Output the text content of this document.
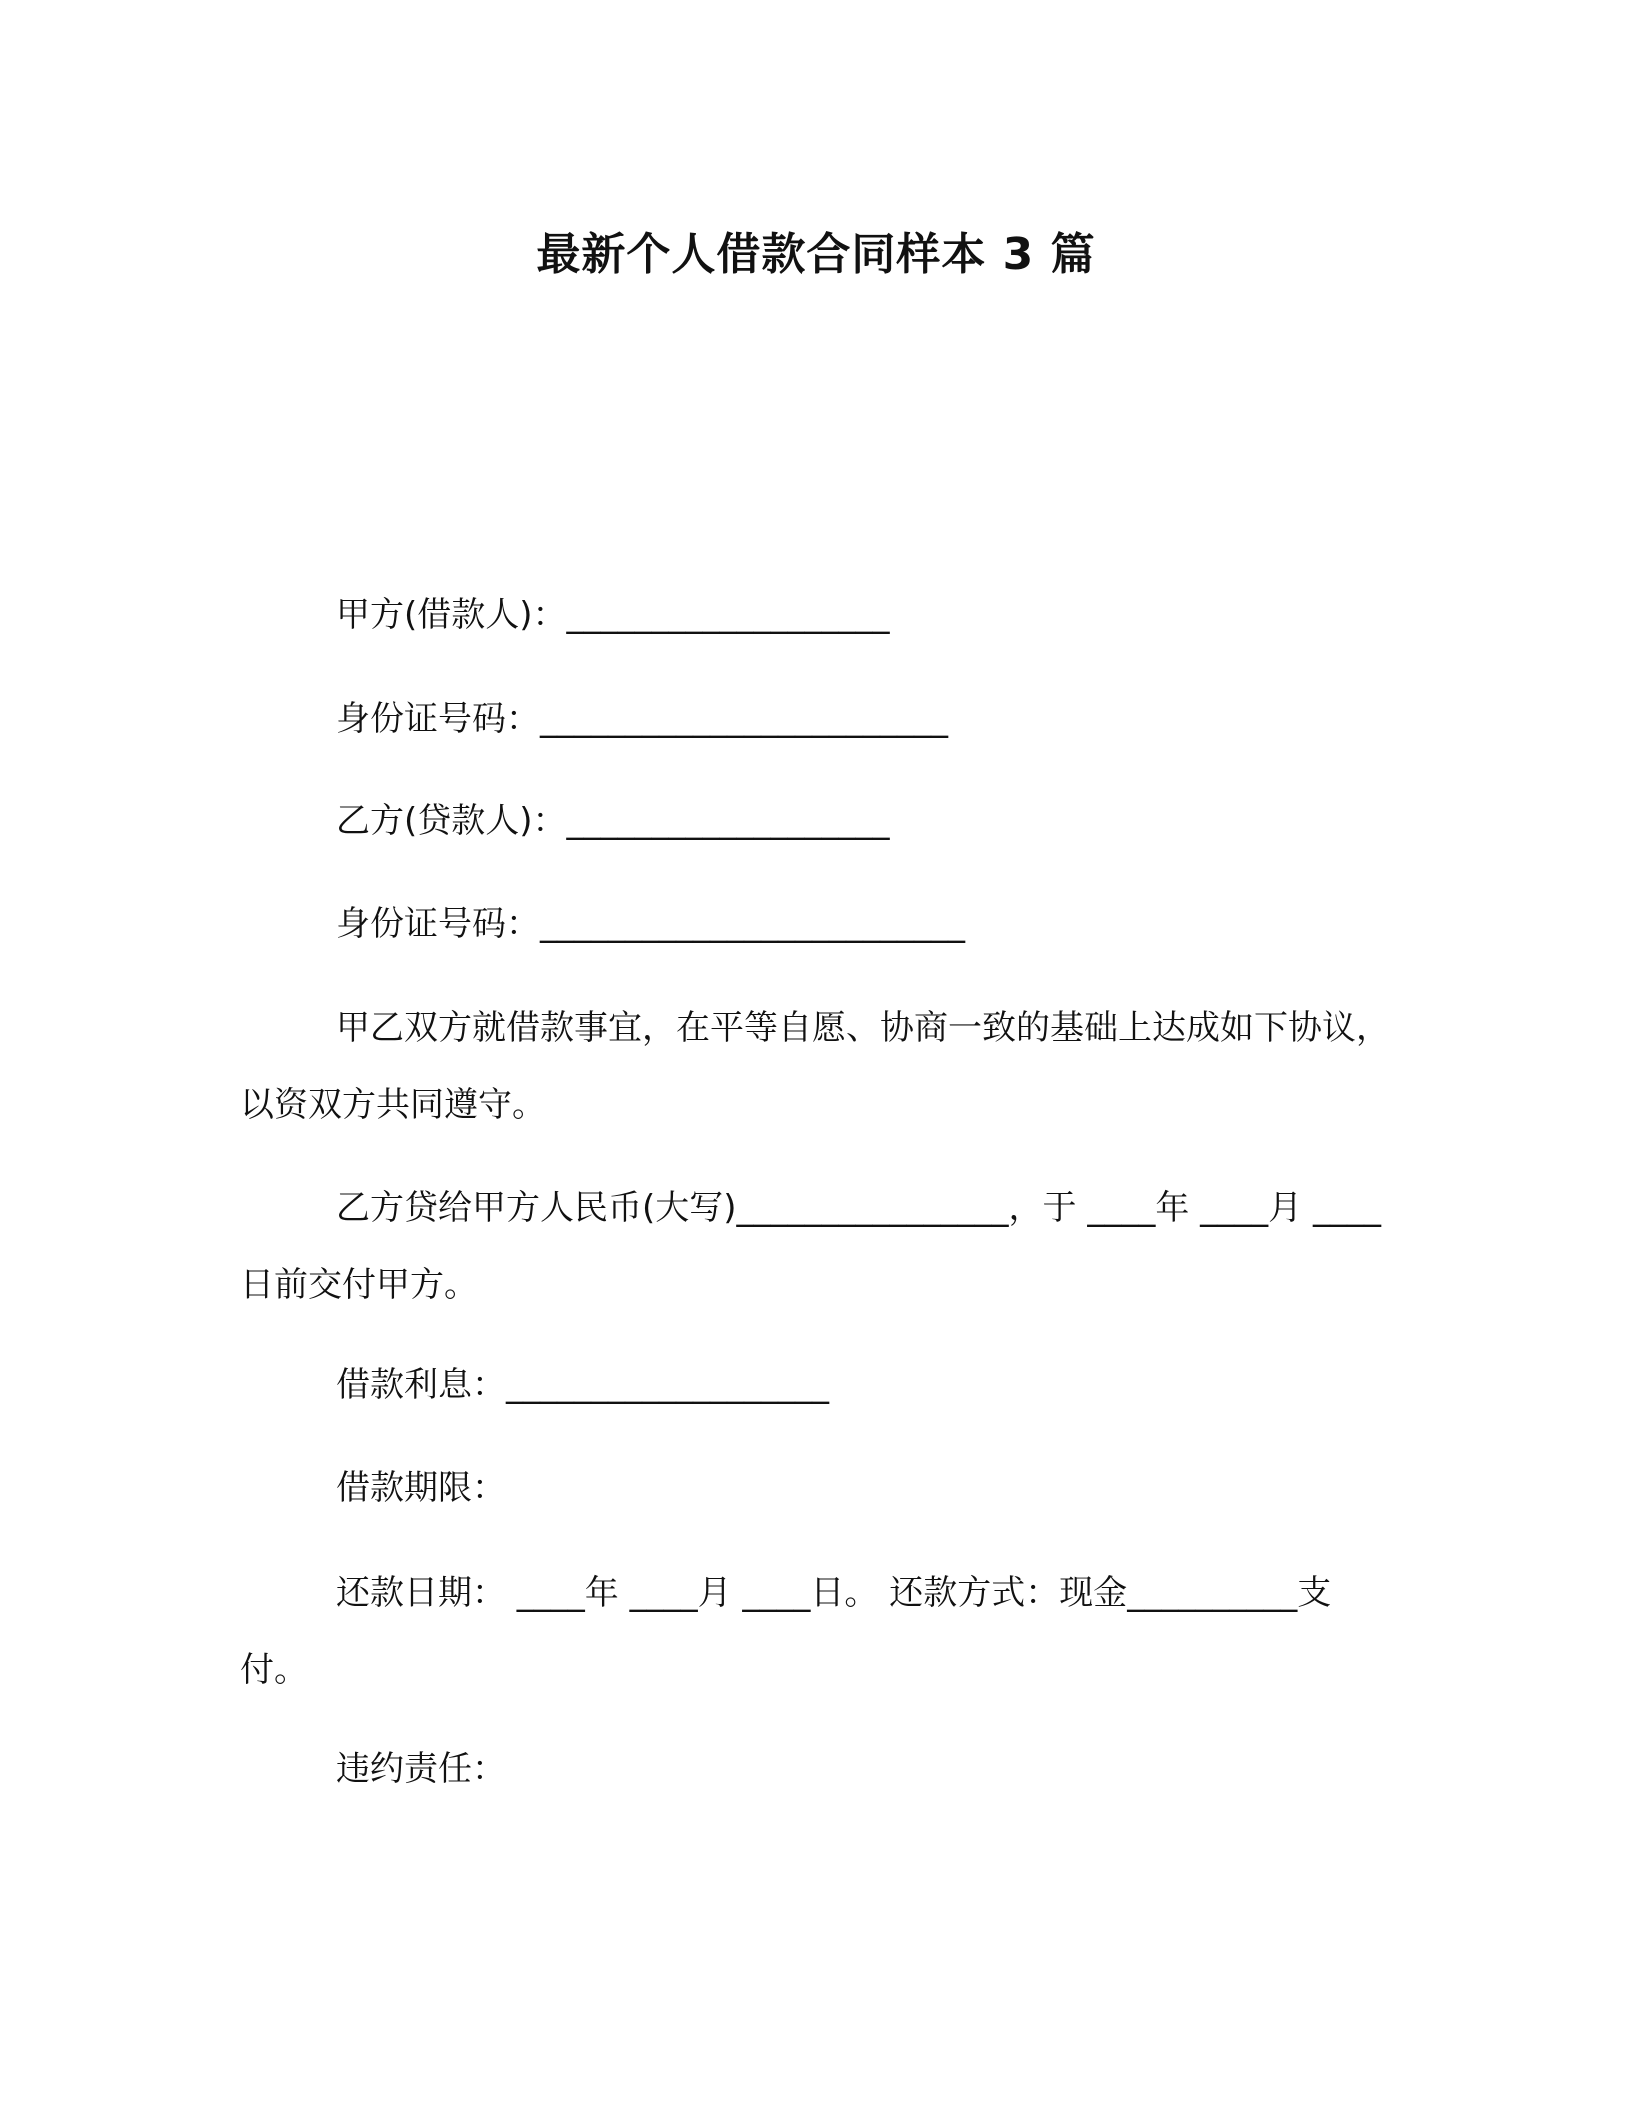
最新个人借款合同样本 3 篇
甲方(借款人)：___________________
身份证号码：________________________
乙方(贷款人)：___________________
身份证号码：_________________________
甲乙双方就借款事宜，在平等自愿、协商一致的基础上达成如下协议，以资双方共同遵守。
乙方贷给甲方人民币(大写)________________，于 ____年 ____月 ____日前交付甲方。
借款利息：___________________
借款期限：
还款日期： ____年 ____月 ____日。 还款方式：现金__________支付。
违约责任：
